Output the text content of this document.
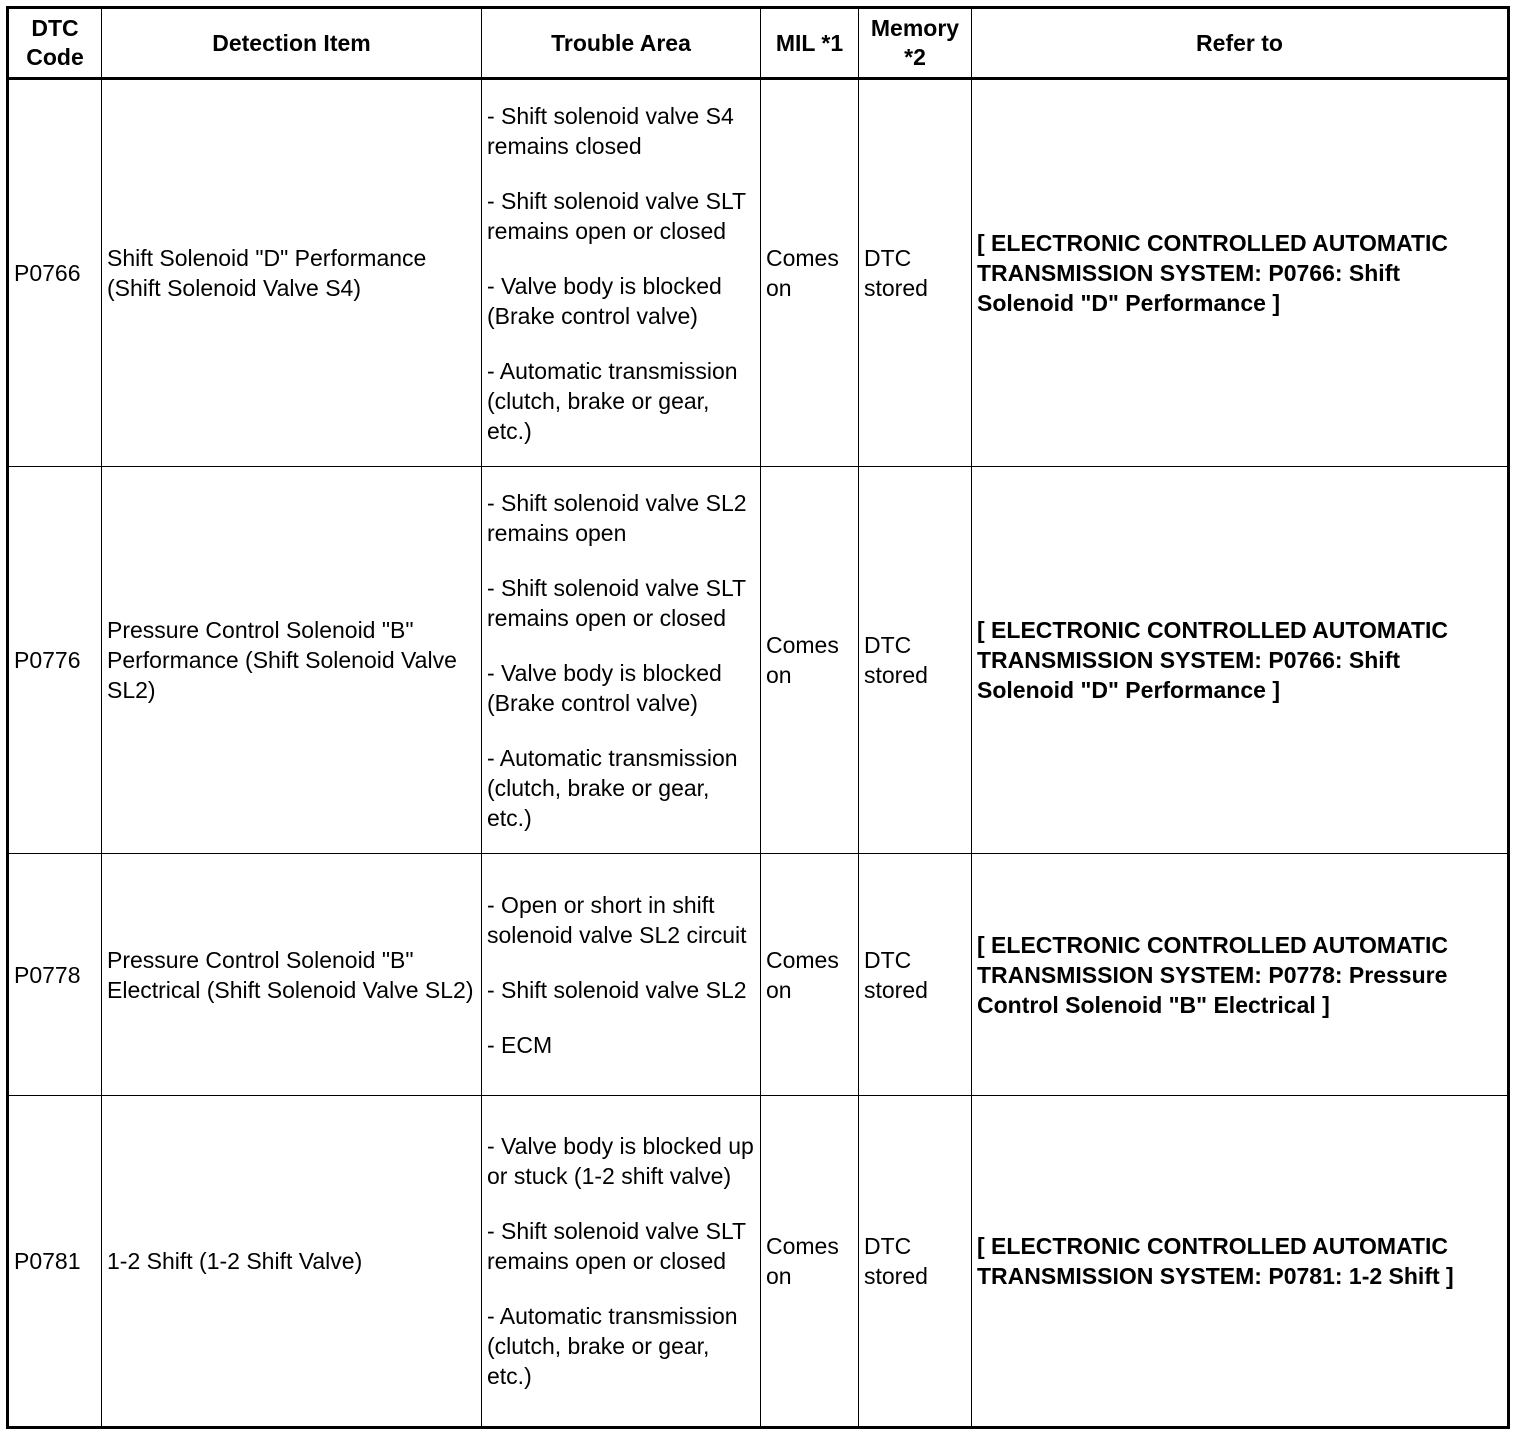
DTC Code	Detection Item	Trouble Area	MIL *1	Memory *2	Refer to
P0766	Shift Solenoid "D" Performance (Shift Solenoid Valve S4)	- Shift solenoid valve S4 remains closed
- Shift solenoid valve SLT remains open or closed
- Valve body is blocked (Brake control valve)
- Automatic transmission (clutch, brake or gear, etc.)	Comes on	DTC stored	[ ELECTRONIC CONTROLLED AUTOMATIC TRANSMISSION SYSTEM: P0766: Shift Solenoid "D" Performance ]
P0776	Pressure Control Solenoid "B" Performance (Shift Solenoid Valve SL2)	- Shift solenoid valve SL2 remains open
- Shift solenoid valve SLT remains open or closed
- Valve body is blocked (Brake control valve)
- Automatic transmission (clutch, brake or gear, etc.)	Comes on	DTC stored	[ ELECTRONIC CONTROLLED AUTOMATIC TRANSMISSION SYSTEM: P0766: Shift Solenoid "D" Performance ]
P0778	Pressure Control Solenoid "B" Electrical (Shift Solenoid Valve SL2)	- Open or short in shift solenoid valve SL2 circuit
- Shift solenoid valve SL2
- ECM	Comes on	DTC stored	[ ELECTRONIC CONTROLLED AUTOMATIC TRANSMISSION SYSTEM: P0778: Pressure Control Solenoid "B" Electrical ]
P0781	1-2 Shift (1-2 Shift Valve)	- Valve body is blocked up or stuck (1-2 shift valve)
- Shift solenoid valve SLT remains open or closed
- Automatic transmission (clutch, brake or gear, etc.)	Comes on	DTC stored	[ ELECTRONIC CONTROLLED AUTOMATIC TRANSMISSION SYSTEM: P0781: 1-2 Shift ]
